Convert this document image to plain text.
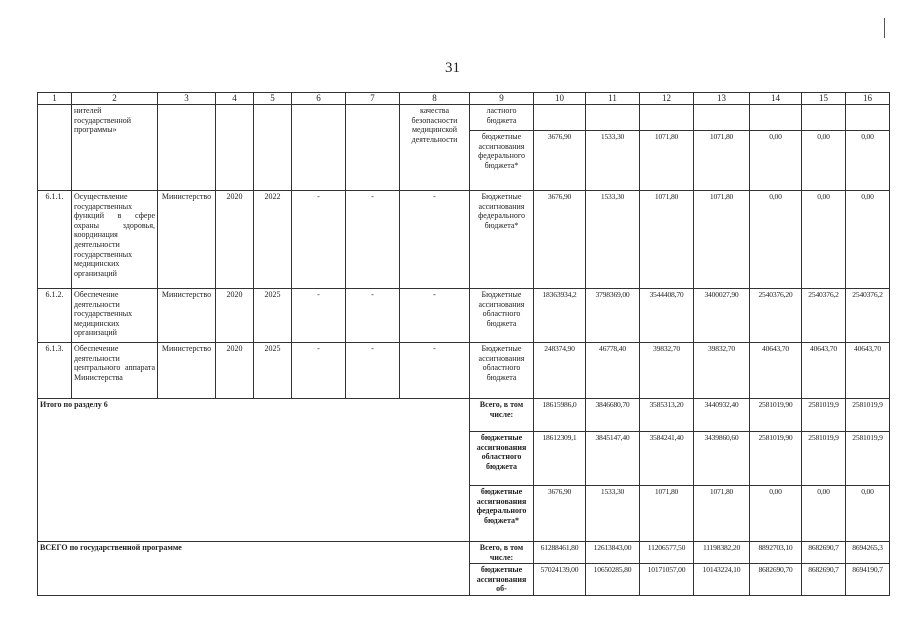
31
1	2	3	4	5	6	7	8	9	10	11	12	13	14	15	16
	нителей государственной программы»						качества безопасности медицинской деятельности	ластного бюджета							
								бюджетные ассигнования федерального бюджета*	3676,90	1533,30	1071,80	1071,80	0,00	0,00	0,00
6.1.1.	Осуществление государственных функций в сфере охраны здоровья, координация деятельности государственных медицинских организаций	Министерство	2020	2022	-	-	-	Бюджетные ассигнования федерального бюджета*	3676,90	1533,30	1071,80	1071,80	0,00	0,00	0,00
6.1.2.	Обеспечение деятельности государственных медицинских организаций	Министерство	2020	2025	-	-	-	Бюджетные ассигнования областного бюджета	18363934,2	3798369,00	3544408,70	3400027,90	2540376,20	2540376,2	2540376,2
6.1.3.	Обеспечение деятельности центрального аппарата Министерства	Министерство	2020	2025	-	-	-	Бюджетные ассигнования областного бюджета	248374,90	46778,40	39832,70	39832,70	40643,70	40643,70	40643,70
Итого по разделу 6								Всего, в том числе:	18615986,0	3846680,70	3585313,20	3440932,40	2581019,90	2581019,9	2581019,9
								бюджетные ассигнования областного бюджета	18612309,1	3845147,40	3584241,40	3439860,60	2581019,90	2581019,9	2581019,9
								бюджетные ассигнования федерального бюджета*	3676,90	1533,30	1071,80	1071,80	0,00	0,00	0,00
ВСЕГО по государственной программе								Всего, в том числе:	61288461,80	12613843,00	11206577,50	11198382,20	8892703,10	8682690,7	8694265,3
								бюджетные ассигнования об-	57024139,00	10650285,80	10171057,00	10143224,10	8682690,70	8682690,7	8694190,7
